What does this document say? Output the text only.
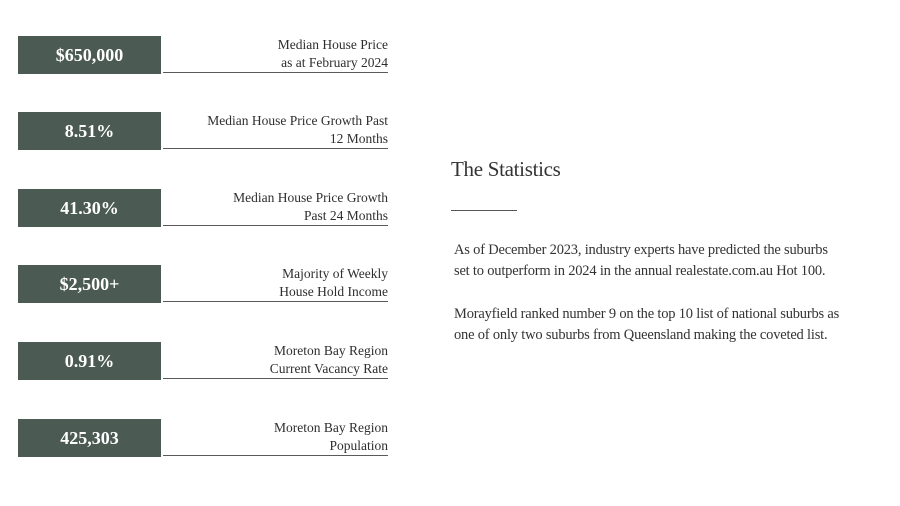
$650,000	Median House Price
as at February 2024
8.51%	Median House Price Growth Past
12 Months
41.30%	Median House Price Growth
Past 24 Months
$2,500+	Majority of Weekly
House Hold Income
0.91%	Moreton Bay Region
Current Vacancy Rate
425,303	Moreton Bay Region
Population
The Statistics
As of December 2023, industry experts have predicted the suburbs
set to outperform in 2024 in the annual realestate.com.au Hot 100.
Morayfield ranked number 9 on the top 10 list of national suburbs as
one of only two suburbs from Queensland making the coveted list.
